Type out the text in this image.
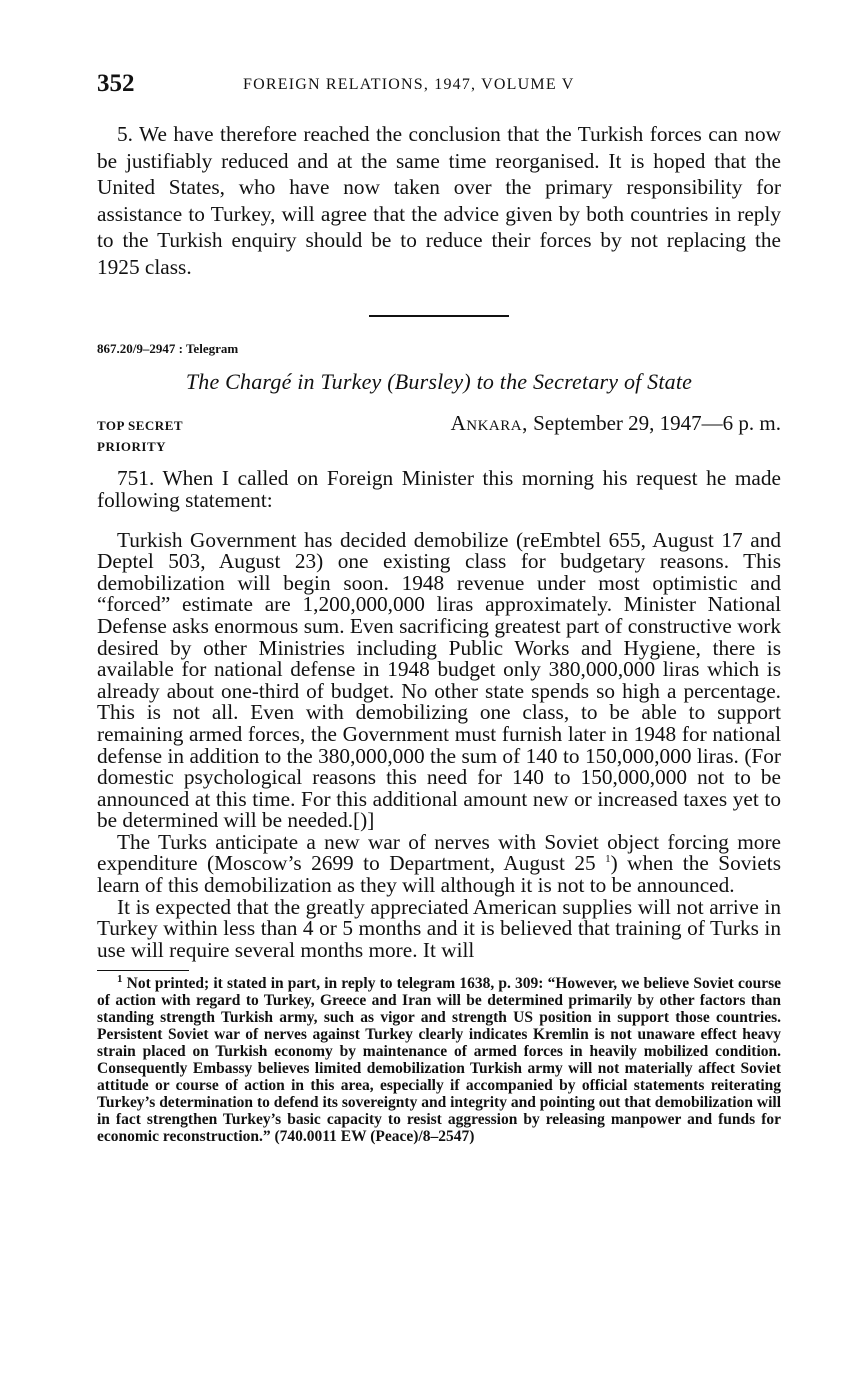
352	FOREIGN RELATIONS, 1947, VOLUME V

5. We have therefore reached the conclusion that the Turkish forces can now be justifiably reduced and at the same time reorganised. It is hoped that the United States, who have now taken over the primary responsibility for assistance to Turkey, will agree that the advice given by both countries in reply to the Turkish enquiry should be to reduce their forces by not replacing the 1925 class.

867.20/9–2947 : Telegram
The Chargé in Turkey (Bursley) to the Secretary of State
TOP SECRET
PRIORITY
Ankara, September 29, 1947—6 p. m.

751. When I called on Foreign Minister this morning his request he made following statement:

Turkish Government has decided demobilize (reEmbtel 655, August 17 and Deptel 503, August 23) one existing class for budgetary reasons. This demobilization will begin soon. 1948 revenue under most optimistic and “forced” estimate are 1,200,000,000 liras approximately. Minister National Defense asks enormous sum. Even sacrificing greatest part of constructive work desired by other Ministries including Public Works and Hygiene, there is available for national defense in 1948 budget only 380,000,000 liras which is already about one-third of budget. No other state spends so high a percentage. This is not all. Even with demobilizing one class, to be able to support remaining armed forces, the Government must furnish later in 1948 for national defense in addition to the 380,000,000 the sum of 140 to 150,000,000 liras. (For domestic psychological reasons this need for 140 to 150,000,000 not to be announced at this time. For this additional amount new or increased taxes yet to be determined will be needed.[)]

The Turks anticipate a new war of nerves with Soviet object forcing more expenditure (Moscow’s 2699 to Department, August 25 $^1$) when the Soviets learn of this demobilization as they will although it is not to be announced.

It is expected that the greatly appreciated American supplies will not arrive in Turkey within less than 4 or 5 months and it is believed that training of Turks in use will require several months more. It will

$^1$ Not printed; it stated in part, in reply to telegram 1638, p. 309: “However, we believe Soviet course of action with regard to Turkey, Greece and Iran will be determined primarily by other factors than standing strength Turkish army, such as vigor and strength US position in support those countries. Persistent Soviet war of nerves against Turkey clearly indicates Kremlin is not unaware effect heavy strain placed on Turkish economy by maintenance of armed forces in heavily mobilized condition. Consequently Embassy believes limited demobilization Turkish army will not materially affect Soviet attitude or course of action in this area, especially if accompanied by official statements reiterating Turkey’s determination to defend its sovereignty and integrity and pointing out that demobilization will in fact strengthen Turkey’s basic capacity to resist aggression by releasing manpower and funds for economic reconstruction.” (740.0011 EW (Peace)/8–2547)
